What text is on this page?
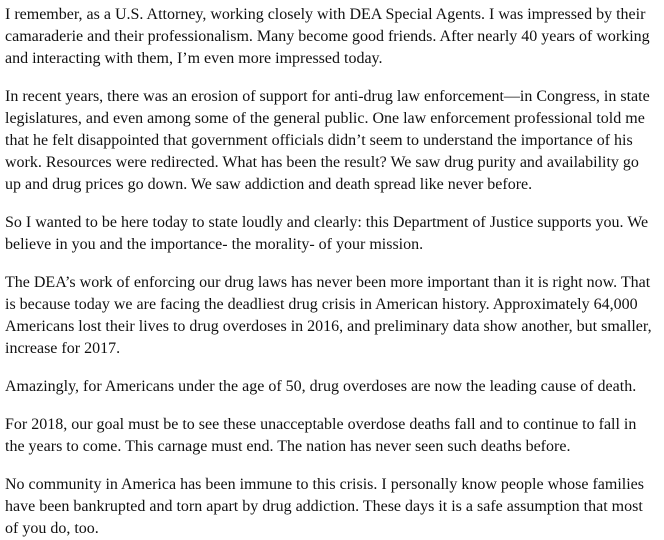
I remember, as a U.S. Attorney, working closely with DEA Special Agents. I was impressed by their camaraderie and their professionalism. Many become good friends. After nearly 40 years of working and interacting with them, I’m even more impressed today.

In recent years, there was an erosion of support for anti-drug law enforcement—in Congress, in state legislatures, and even among some of the general public. One law enforcement professional told me that he felt disappointed that government officials didn’t seem to understand the importance of his work. Resources were redirected. What has been the result? We saw drug purity and availability go up and drug prices go down. We saw addiction and death spread like never before.

So I wanted to be here today to state loudly and clearly: this Department of Justice supports you. We believe in you and the importance- the morality- of your mission.

The DEA’s work of enforcing our drug laws has never been more important than it is right now. That is because today we are facing the deadliest drug crisis in American history. Approximately 64,000 Americans lost their lives to drug overdoses in 2016, and preliminary data show another, but smaller, increase for 2017.

Amazingly, for Americans under the age of 50, drug overdoses are now the leading cause of death.

For 2018, our goal must be to see these unacceptable overdose deaths fall and to continue to fall in the years to come. This carnage must end. The nation has never seen such deaths before.

No community in America has been immune to this crisis. I personally know people whose families have been bankrupted and torn apart by drug addiction. These days it is a safe assumption that most of you do, too.
